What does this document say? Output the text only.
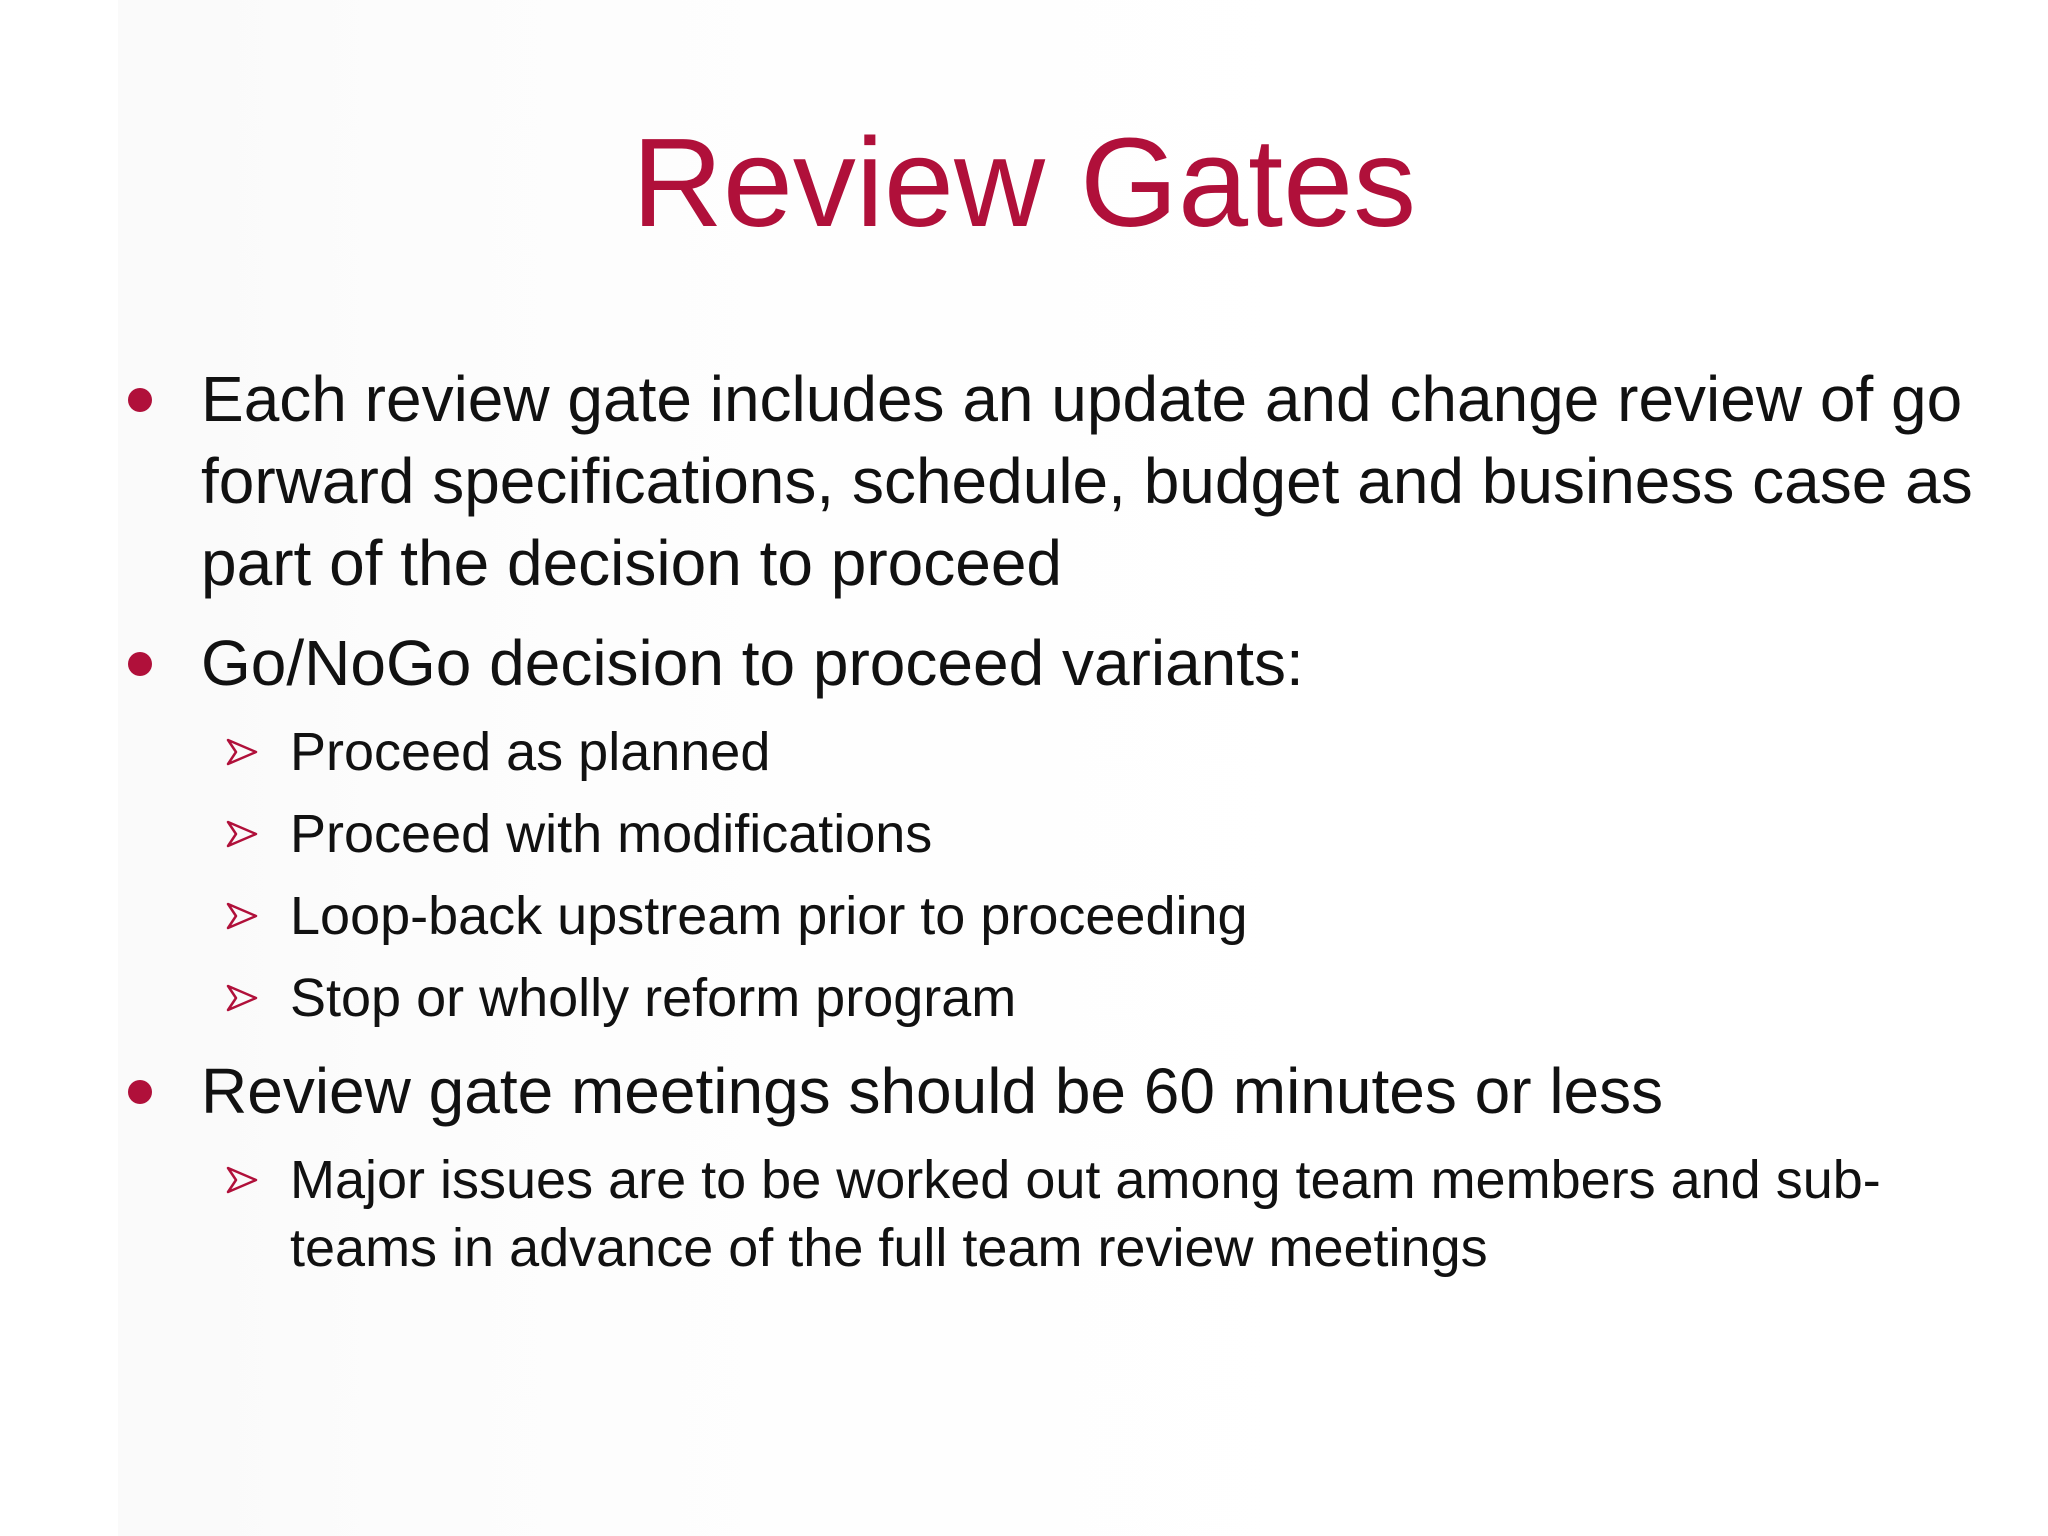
Review Gates
Each review gate includes an update and change review of go forward specifications, schedule, budget and business case as part of the decision to proceed
Go/NoGo decision to proceed variants:
Proceed as planned
Proceed with modifications
Loop-back upstream prior to proceeding
Stop or wholly reform program
Review gate meetings should be 60 minutes or less
Major issues are to be worked out among team members and sub-teams in advance of the full team review meetings
